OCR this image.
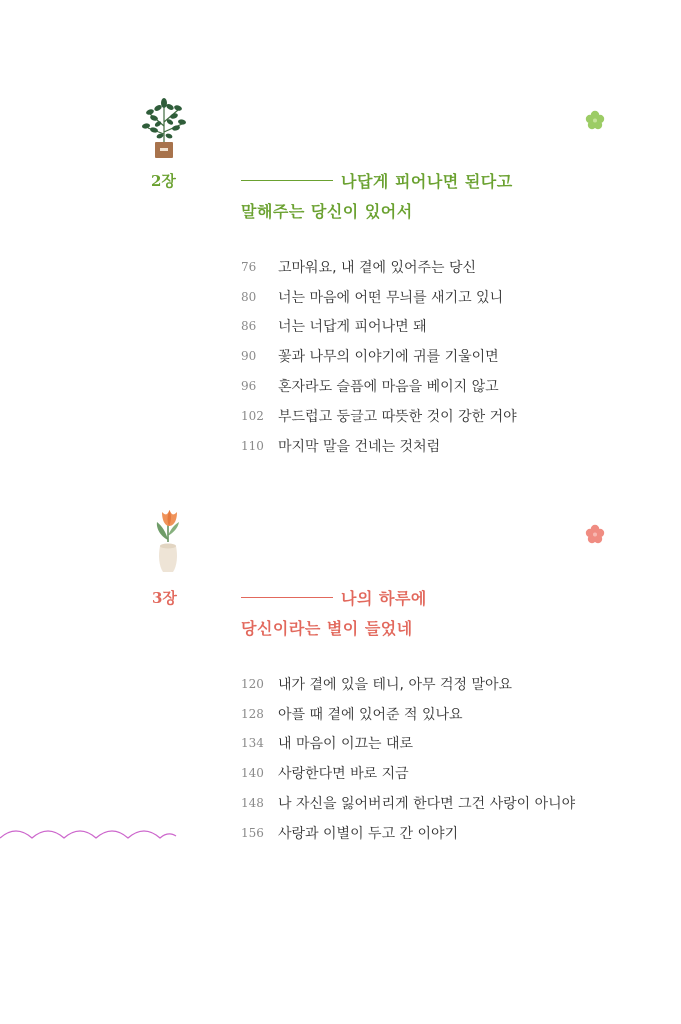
2장	나답게 피어나면 된다고
말해주는 당신이 있어서
76	고마워요, 내 곁에 있어주는 당신
80	너는 마음에 어떤 무늬를 새기고 있니
86	너는 너답게 피어나면 돼
90	꽃과 나무의 이야기에 귀를 기울이면
96	혼자라도 슬픔에 마음을 베이지 않고
102	부드럽고 둥글고 따뜻한 것이 강한 거야
110	마지막 말을 건네는 것처럼
3장	나의 하루에
당신이라는 별이 들었네
120	내가 곁에 있을 테니, 아무 걱정 말아요
128	아플 때 곁에 있어준 적 있나요
134	내 마음이 이끄는 대로
140	사랑한다면 바로 지금
148	나 자신을 잃어버리게 한다면 그건 사랑이 아니야
156	사랑과 이별이 두고 간 이야기
